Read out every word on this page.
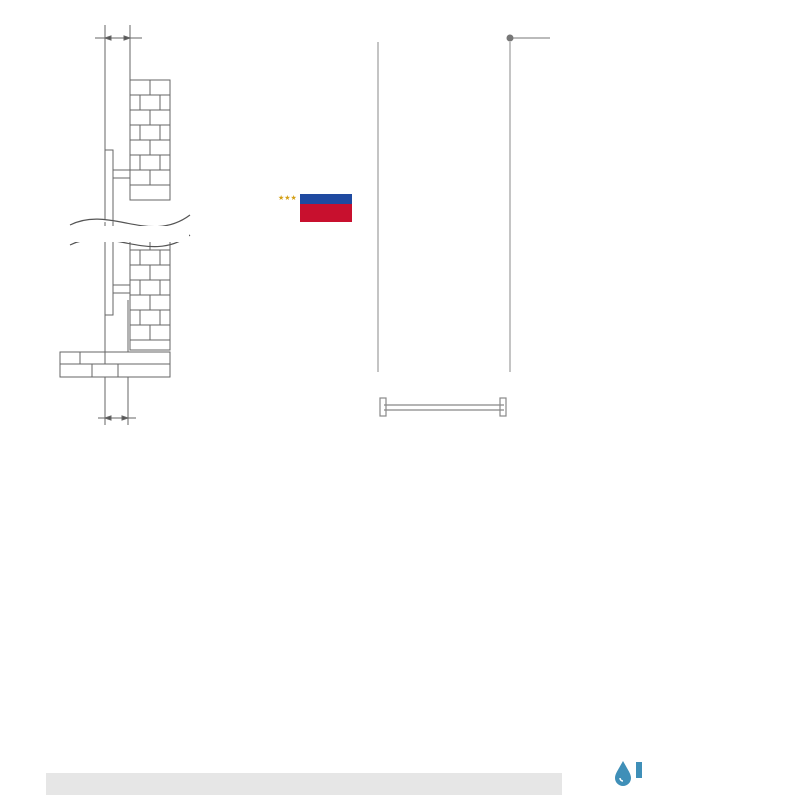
★★★
